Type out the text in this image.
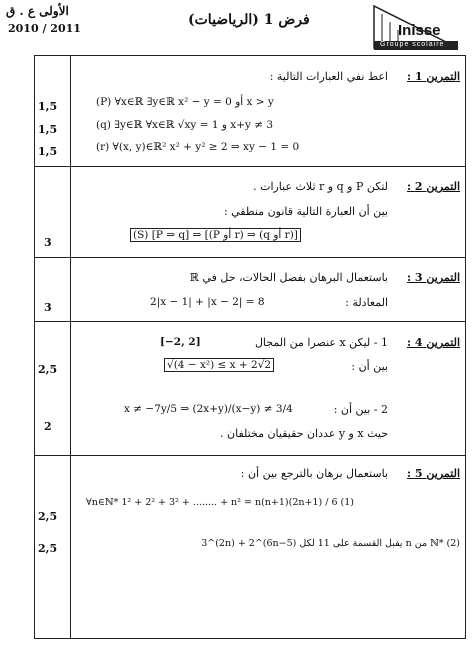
الأولى ع . ق
2010 / 2011
فرض 1 (الرياضيات)
Inisse
Groupe scolaire
التمرين 1 :
اعط نفي العبارات التالية :
1,5
1,5
1,5
(P) ∀x∈ℝ ∃y∈ℝ x² − y = 0 أو x > y
(q) ∃y∈ℝ ∀x∈ℝ √xy = 1 و x+y ≠ 3
(r) ∀(x, y)∈ℝ² x² + y² ≥ 2 ⇒ xy − 1 = 0
التمرين 2 :
لتكن P و q و r ثلاث عبارات .
بين أن العبارة التالية قانون منطقي :
(S) [P ⇒ q] ⇒ [(P أو r) ⇒ (q أو r)]
3
التمرين 3 :
باستعمال البرهان بفصل الحالات، حل في ℝ
المعادلة :
2|x − 1| + |x − 2| = 8
3
التمرين 4 :
1 - ليكن x عنصرا من المجال
[−2, 2]
بين أن :
√(4 − x²) ≤ x + 2√2
2,5
2 - بين أن :
x ≠ −7y/5 ⇒ (2x+y)/(x−y) ≠ 3/4
حيث x و y عددان حقيقيان مختلفان .
2
التمرين 5 :
باستعمال برهان بالترجع بين أن :
∀n∈ℕ* 1² + 2² + 3² + ........ + n² = n(n+1)(2n+1) / 6 (1)
2,5
3^(2n) + 2^(6n−5) يقبل القسمة على 11 لكل n من ℕ* (2)
2,5
